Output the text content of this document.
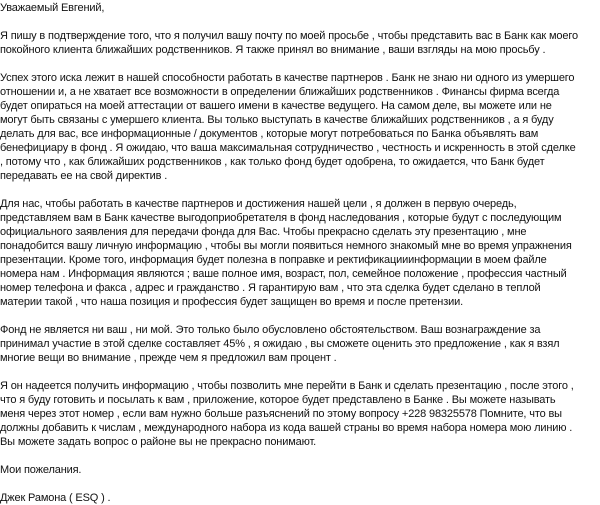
Уважаемый Евгений,
Я пишу в подтверждение того, что я получил вашу почту по моей просьбе , чтобы представить вас в Банк как моего
покойного клиента ближайших родственников. Я также принял во внимание , ваши взгляды на мою просьбу .
Успех этого иска лежит в нашей способности работать в качестве партнеров . Банк не знаю ни одного из умершего
отношении и, а не хватает все возможности в определении ближайших родственников . Финансы фирма всегда
будет опираться на моей аттестации от вашего имени в качестве ведущего. На самом деле, вы можете или не
могут быть связаны с умершего клиента. Вы только выступать в качестве ближайших родственников , а я буду
делать для вас, все информационные / документов , которые могут потребоваться по Банка объявлять вам
бенефициару в фонд . Я ожидаю, что ваша максимальная сотрудничество , честность и искренность в этой сделке
, потому что , как ближайших родственников , как только фонд будет одобрена, то ожидается, что Банк будет
передавать ее на свой директив .
Для нас, чтобы работать в качестве партнеров и достижения нашей цели , я должен в первую очередь,
представляем вам в Банк качестве выгодоприобретателя в фонд наследования , которые будут с последующим
официального заявления для передачи фонда для Вас. Чтобы прекрасно сделать эту презентацию , мне
понадобится вашу личную информацию , чтобы вы могли появиться немного знакомый мне во время упражнения
презентации. Кроме того, информация будет полезна в поправке и ректификацииинформации в моем файле
номера нам . Информация являются ; ваше полное имя, возраст, пол, семейное положение , профессия частный
номер телефона и факса , адрес и гражданство . Я гарантирую вам , что эта сделка будет сделано в теплой
материи такой , что наша позиция и профессия будет защищен во время и после претензии.
Фонд не является ни ваш , ни мой. Это только было обусловлено обстоятельством. Ваш вознаграждение за
принимал участие в этой сделке составляет 45% , я ожидаю , вы сможете оценить это предложение , как я взял
многие вещи во внимание , прежде чем я предложил вам процент .
Я он надеется получить информацию , чтобы позволить мне перейти в Банк и сделать презентацию , после этого ,
что я буду готовить и посылать к вам , приложение, которое будет представлено в Банке . Вы можете называть
меня через этот номер , если вам нужно больше разъяснений по этому вопросу +228 98325578 Помните, что вы
должны добавить к числам , международного набора из кода вашей страны во время набора номера мою линию .
Вы можете задать вопрос о районе вы не прекрасно понимают.
Мои пожелания.
Джек Рамона ( ESQ ) .
